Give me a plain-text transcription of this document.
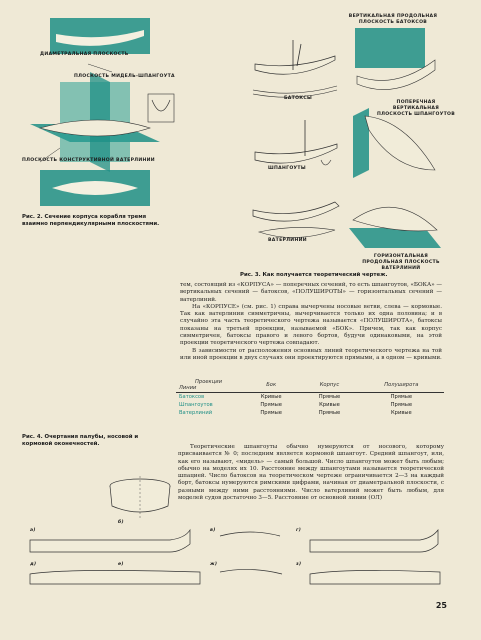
ДИАМЕТРАЛЬНАЯ ПЛОСКОСТЬ
ПЛОСКОСТЬ МИДЕЛЬ-ШПАНГОУТА
ПЛОСКОСТЬ КОНСТРУКТИВНОЙ ВАТЕРЛИНИИ
Рис. 2. Сечение корпуса корабля тремя взаимно перпендикулярными плоскостями.
ВЕРТИКАЛЬНАЯ ПРОДОЛЬНАЯ ПЛОСКОСТЬ БАТОКСОВ
БАТОКСЫ
ПОПЕРЕЧНАЯ ВЕРТИКАЛЬНАЯ ПЛОСКОСТЬ ШПАНГОУТОВ
ШПАНГОУТЫ
ВАТЕРЛИНИИ
ГОРИЗОНТАЛЬНАЯ ПРОДОЛЬНАЯ ПЛОСКОСТЬ ВАТЕРЛИНИЙ
Рис. 3. Как получается теоретический чертеж.

тем, состоящий из «КОРПУСА» — поперечных сечений, то есть шпангоутов, «БОКА» — вертикальных сечений — батоксов, «ПОЛУШИРОТЫ» — горизонтальных сечений — ватерлиний.

На «КОРПУСЕ» (см. рис. 1) справа вычерчены носовые ветви, слева — кормовые. Так как ватерлинии симметричны, вычерчивается только их одна половина; и в случайно эта часть теоретического чертежа называется «ПОЛУШИРОТА», батоксы показаны на третьей проекции, называемой «БОК». Причем, так как корпус симметричен, батоксы правого и левого бортов, будучи одинаковыми, на этой проекции теоретического чертежа совпадают.

В зависимости от расположения основных линий теоретического чертежа на той или иной проекции в двух случаях они проектируются прямыми, а в одном — кривыми.

Проекции
Линии	Бок	Корпус	Полуширота
Батоксов	Кривые	Прямые	Прямые
Шпангоутов	Прямые	Кривые	Прямые
Ватерлиний	Прямые	Прямые	Кривые
Рис. 4. Очертания палубы, носовой и кормовой оконечностей.	Теоретические шпангоуты обычно нумеруются от носового, которому присваивается № 0; последним является кормовой шпангоут. Средний шпангоут, или, как его называют, «мидель» — самый большой. Число шпангоутов может быть любым; обычно на моделях их 10. Расстояние между шпангоутами называется теоретической шпацией. Число батоксов на теоретическом чертеже ограничивается 2—3 на каждый борт, батоксы нумеруются римскими цифрами, начиная от диаметральной плоскости, с разными между ними расстояниями. Число ватерлиний может быть любым, для моделей судов достаточно 3—5. Расстояние от основной линии (ОЛ)

а)
б)
в)	г)
д)	е)	ж)	з)
25
